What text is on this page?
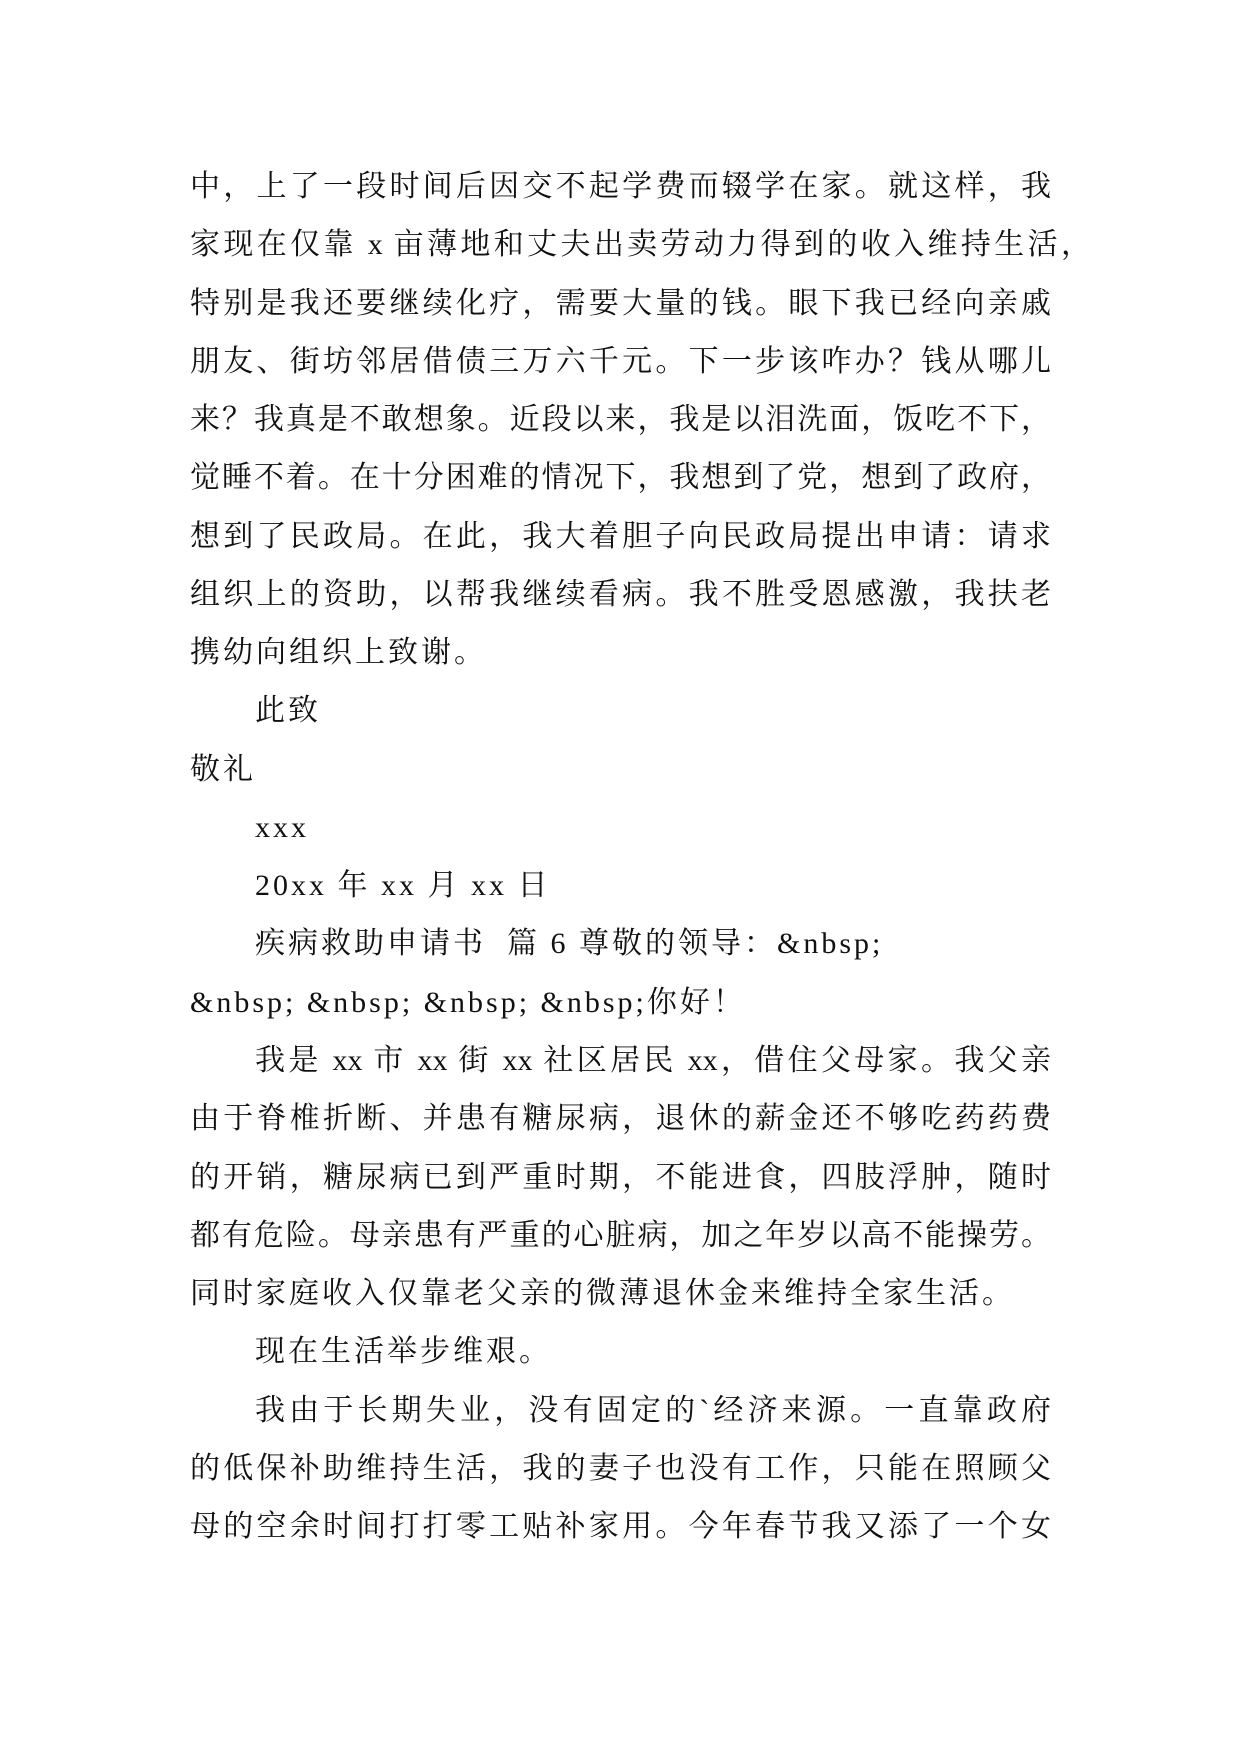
中，上了一段时间后因交不起学费而辍学在家。就这样，我
家现在仅靠 x 亩薄地和丈夫出卖劳动力得到的收入维持生活，
特别是我还要继续化疗，需要大量的钱。眼下我已经向亲戚
朋友、街坊邻居借债三万六千元。下一步该咋办？钱从哪儿
来？我真是不敢想象。近段以来，我是以泪洗面，饭吃不下，
觉睡不着。在十分困难的情况下，我想到了党，想到了政府，
想到了民政局。在此，我大着胆子向民政局提出申请：请求
组织上的资助，以帮我继续看病。我不胜受恩感激，我扶老
携幼向组织上致谢。
此致
敬礼
xxx
20xx 年 xx 月 xx 日
疾病救助申请书  篇 6 尊敬的领导：&nbsp;
&nbsp; &nbsp; &nbsp; &nbsp;你好！
我是 xx 市 xx 街 xx 社区居民 xx，借住父母家。我父亲
由于脊椎折断、并患有糖尿病，退休的薪金还不够吃药药费
的开销，糖尿病已到严重时期，不能进食，四肢浮肿，随时
都有危险。母亲患有严重的心脏病，加之年岁以高不能操劳。
同时家庭收入仅靠老父亲的微薄退休金来维持全家生活。
现在生活举步维艰。
我由于长期失业，没有固定的`经济来源。一直靠政府
的低保补助维持生活，我的妻子也没有工作，只能在照顾父
母的空余时间打打零工贴补家用。今年春节我又添了一个女
